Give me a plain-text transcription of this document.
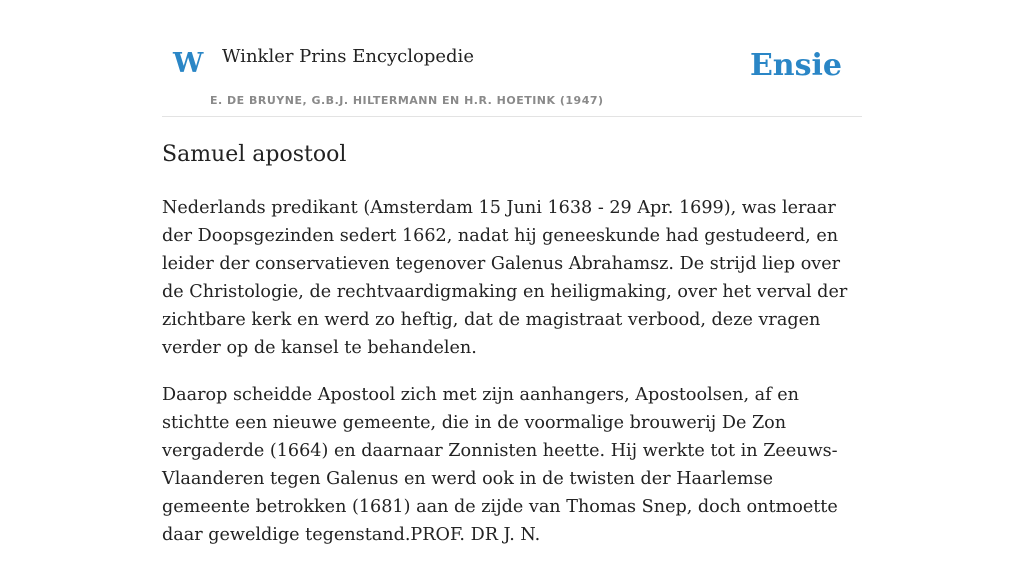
W Winkler Prins Encyclopedie
E. DE BRUYNE, G.B.J. HILTERMANN EN H.R. HOETINK (1947)
Ensie
Samuel apostool

Nederlands predikant (Amsterdam 15 Juni 1638 - 29 Apr. 1699), was leraar der Doopsgezinden sedert 1662, nadat hij geneeskunde had gestudeerd, en leider der conservatieven tegenover Galenus Abrahamsz. De strijd liep over de Christologie, de rechtvaardigmaking en heiligmaking, over het verval der zichtbare kerk en werd zo heftig, dat de magistraat verbood, deze vragen verder op de kansel te behandelen.

Daarop scheidde Apostool zich met zijn aanhangers, Apostoolsen, af en stichtte een nieuwe gemeente, die in de voormalige brouwerij De Zon vergaderde (1664) en daarnaar Zonnisten heette. Hij werkte tot in Zeeuws-Vlaanderen tegen Galenus en werd ook in de twisten der Haarlemse gemeente betrokken (1681) aan de zijde van Thomas Snep, doch ontmoette daar geweldige tegenstand.PROF. DR J. N.
